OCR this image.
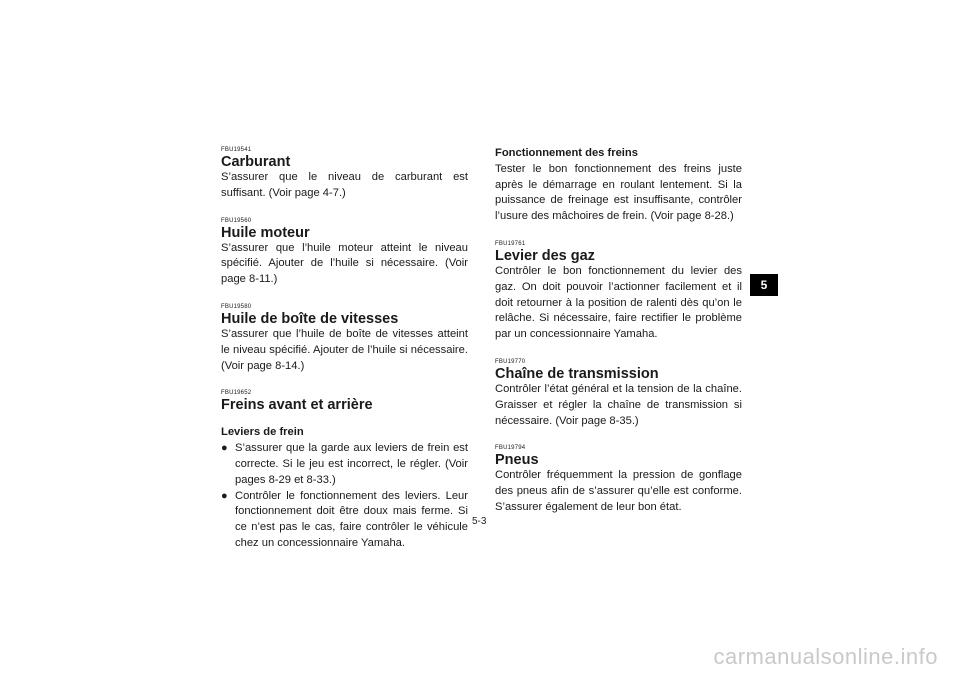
FBU19541
Carburant

S’assurer que le niveau de carburant est suffisant. (Voir page 4-7.)

FBU19560
Huile moteur

S’assurer que l’huile moteur atteint le niveau spécifié. Ajouter de l’huile si nécessaire. (Voir page 8-11.)

FBU19580
Huile de boîte de vitesses

S’assurer que l’huile de boîte de vitesses atteint le niveau spécifié. Ajouter de l’huile si nécessaire. (Voir page 8-14.)

FBU19652
Freins avant et arrière
Leviers de frein
● S’assurer que la garde aux leviers de frein est correcte. Si le jeu est incorrect, le régler. (Voir pages 8-29 et 8-33.)
● Contrôler le fonctionnement des leviers. Leur fonctionnement doit être doux mais ferme. Si ce n’est pas le cas, faire contrôler le véhicule chez un concessionnaire Yamaha.
Fonctionnement des freins

Tester le bon fonctionnement des freins juste après le démarrage en roulant lentement. Si la puissance de freinage est insuffisante, contrôler l’usure des mâchoires de frein. (Voir page 8-28.)

FBU19761
Levier des gaz

Contrôler le bon fonctionnement du levier des gaz. On doit pouvoir l’actionner facilement et il doit retourner à la position de ralenti dès qu’on le relâche. Si nécessaire, faire rectifier le problème par un concessionnaire Yamaha.

FBU19770
Chaîne de transmission

Contrôler l’état général et la tension de la chaîne. Graisser et régler la chaîne de transmission si nécessaire. (Voir page 8-35.)

FBU19794
Pneus

Contrôler fréquemment la pression de gonflage des pneus afin de s’assurer qu’elle est conforme. S’assurer également de leur bon état.

5
5-3
carmanualsonline.info
